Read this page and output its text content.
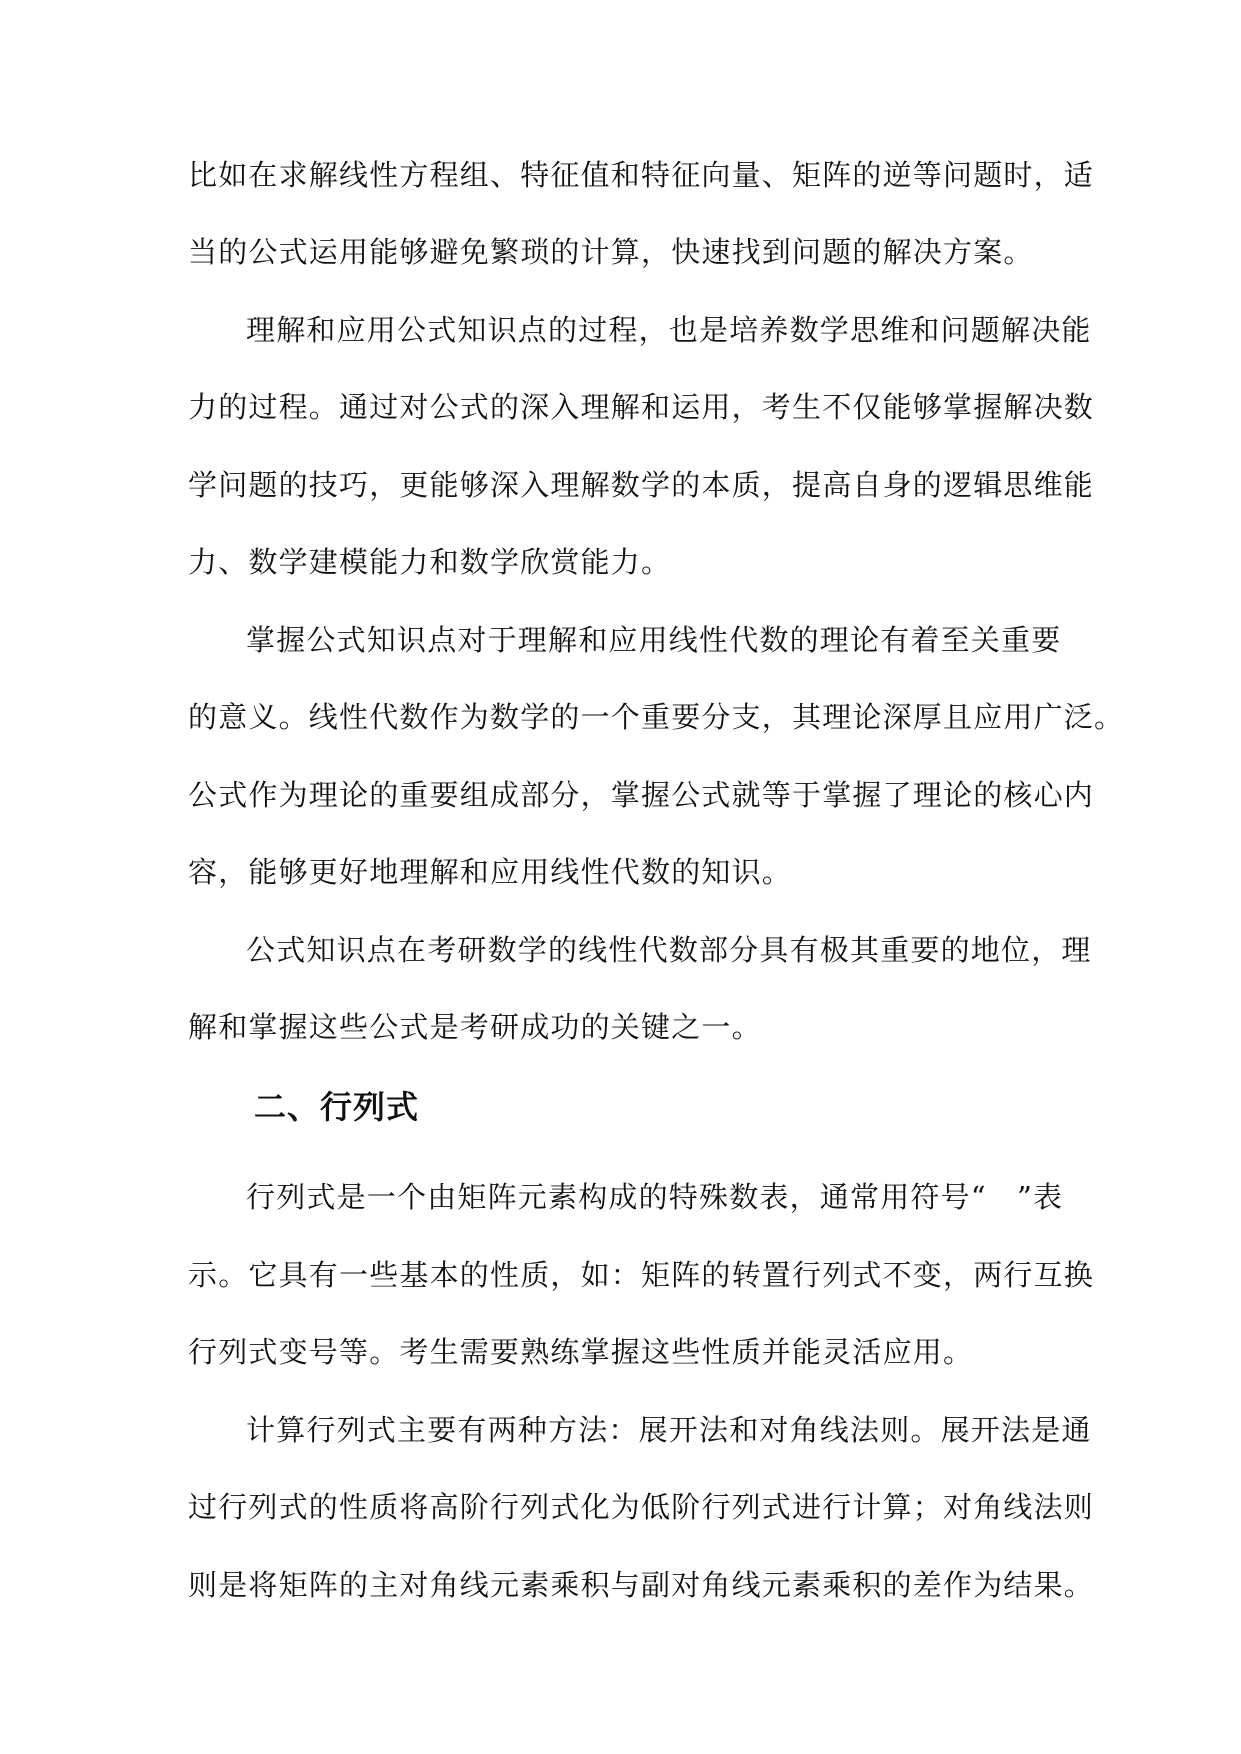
比如在求解线性方程组、特征值和特征向量、矩阵的逆等问题时，适
当的公式运用能够避免繁琐的计算，快速找到问题的解决方案。
理解和应用公式知识点的过程，也是培养数学思维和问题解决能
力的过程。通过对公式的深入理解和运用，考生不仅能够掌握解决数
学问题的技巧，更能够深入理解数学的本质，提高自身的逻辑思维能
力、数学建模能力和数学欣赏能力。
掌握公式知识点对于理解和应用线性代数的理论有着至关重要
的意义。线性代数作为数学的一个重要分支，其理论深厚且应用广泛。
公式作为理论的重要组成部分，掌握公式就等于掌握了理论的核心内
容，能够更好地理解和应用线性代数的知识。
公式知识点在考研数学的线性代数部分具有极其重要的地位，理
解和掌握这些公式是考研成功的关键之一。
二、行列式
行列式是一个由矩阵元素构成的特殊数表，通常用符号“　”表
示。它具有一些基本的性质，如：矩阵的转置行列式不变，两行互换
行列式变号等。考生需要熟练掌握这些性质并能灵活应用。
计算行列式主要有两种方法：展开法和对角线法则。展开法是通
过行列式的性质将高阶行列式化为低阶行列式进行计算；对角线法则
则是将矩阵的主对角线元素乘积与副对角线元素乘积的差作为结果。
